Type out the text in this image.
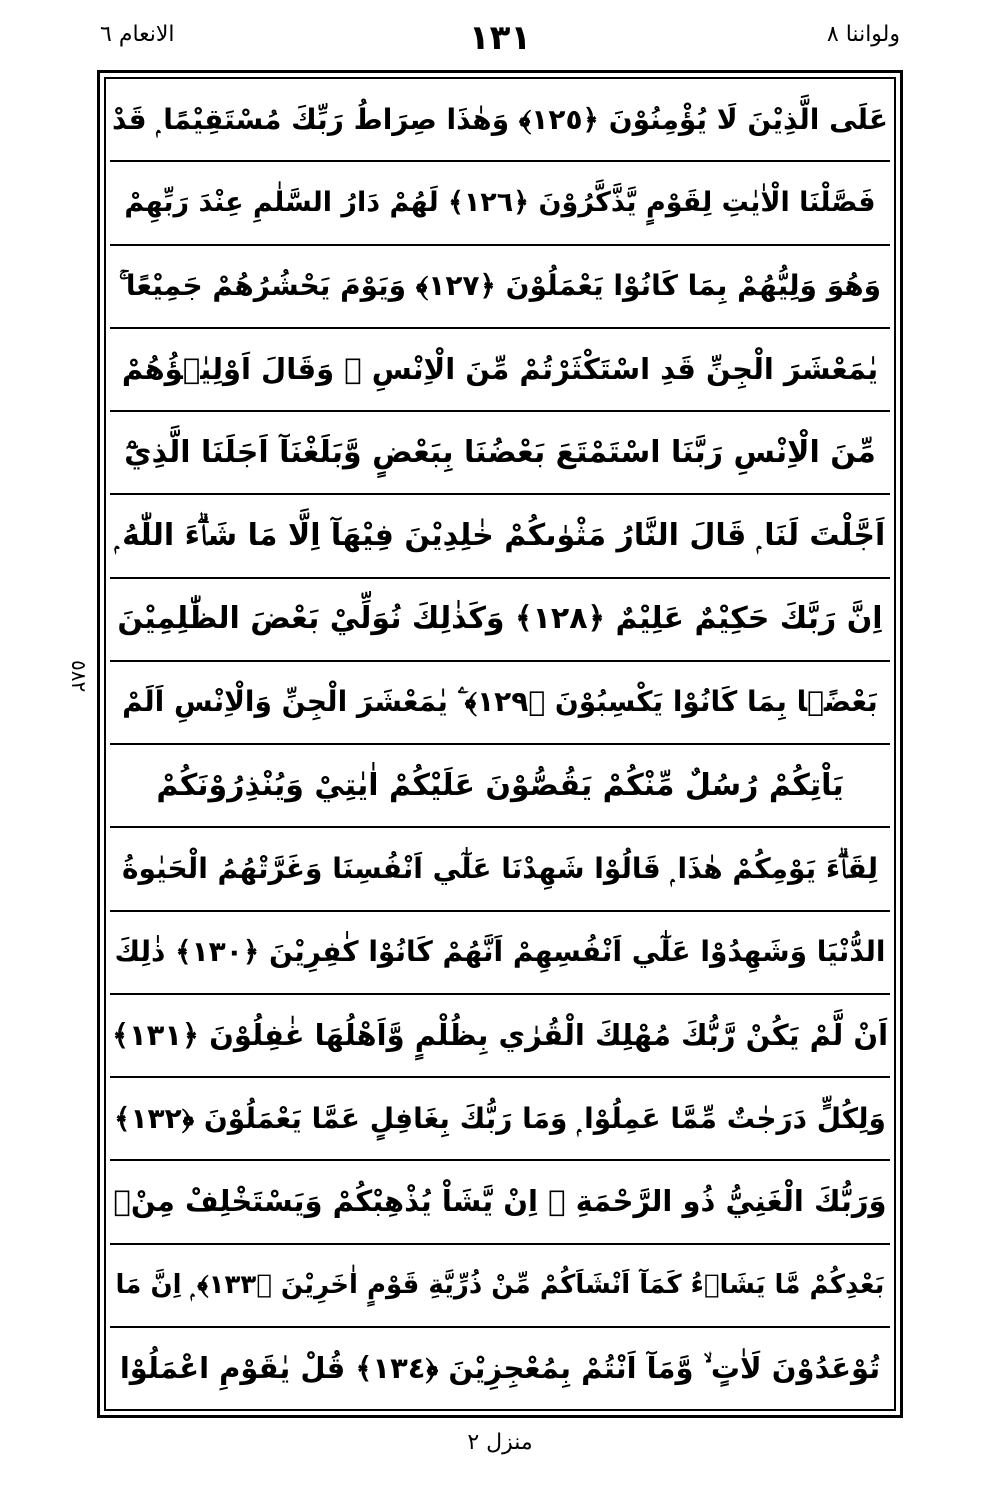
ولواننا ٨
١٣١
الانعام ٦
٥٨٢
عَلَى الَّذِيْنَ لَا يُؤْمِنُوْنَ ﴿١٢٥﴾ وَهٰذَا صِرَاطُ رَبِّكَ مُسْتَقِيْمًا ۭ قَدْ
فَصَّلْنَا الْاٰيٰتِ لِقَوْمٍ يَّذَّكَّرُوْنَ ﴿١٢٦﴾ لَهُمْ دَارُ السَّلٰمِ عِنْدَ رَبِّهِمْ
وَهُوَ وَلِيُّهُمْ بِمَا كَانُوْا يَعْمَلُوْنَ ﴿١٢٧﴾ وَيَوْمَ يَحْشُرُهُمْ جَمِيْعًا ۚ
يٰمَعْشَرَ الْجِنِّ قَدِ اسْتَكْثَرْتُمْ مِّنَ الْاِنْسِ ۚ وَقَالَ اَوْلِيٰۗؤُهُمْ
مِّنَ الْاِنْسِ رَبَّنَا اسْتَمْتَعَ بَعْضُنَا بِبَعْضٍ وَّبَلَغْنَآ اَجَلَنَا الَّذِيْٓ
اَجَّلْتَ لَنَا ۭ قَالَ النَّارُ مَثْوٰىكُمْ خٰلِدِيْنَ فِيْهَآ اِلَّا مَا شَاۗءَ اللّٰهُ ۭ
اِنَّ رَبَّكَ حَكِيْمٌ عَلِيْمٌ ﴿١٢٨﴾ وَكَذٰلِكَ نُوَلِّيْ بَعْضَ الظّٰلِمِيْنَ
بَعْضًۢا بِمَا كَانُوْا يَكْسِبُوْنَ ﴿١٢٩﴾ ۧ يٰمَعْشَرَ الْجِنِّ وَالْاِنْسِ اَلَمْ
يَاْتِكُمْ رُسُلٌ مِّنْكُمْ يَقُصُّوْنَ عَلَيْكُمْ اٰيٰتِيْ وَيُنْذِرُوْنَكُمْ
لِقَاۗءَ يَوْمِكُمْ هٰذَا ۭ قَالُوْا شَهِدْنَا عَلٰٓي اَنْفُسِنَا وَغَرَّتْهُمُ الْحَيٰوةُ
الدُّنْيَا وَشَهِدُوْا عَلٰٓي اَنْفُسِهِمْ اَنَّهُمْ كَانُوْا كٰفِرِيْنَ ﴿١٣٠﴾ ذٰلِكَ
اَنْ لَّمْ يَكُنْ رَّبُّكَ مُهْلِكَ الْقُرٰي بِظُلْمٍ وَّاَهْلُهَا غٰفِلُوْنَ ﴿١٣١﴾
وَلِكُلٍّ دَرَجٰتٌ مِّمَّا عَمِلُوْا ۭ وَمَا رَبُّكَ بِغَافِلٍ عَمَّا يَعْمَلُوْنَ ﴿١٣٢﴾
وَرَبُّكَ الْغَنِيُّ ذُو الرَّحْمَةِ ۭ اِنْ يَّشَاْ يُذْهِبْكُمْ وَيَسْتَخْلِفْ مِنْۢ
بَعْدِكُمْ مَّا يَشَاۗءُ كَمَآ اَنْشَاَكُمْ مِّنْ ذُرِّيَّةِ قَوْمٍ اٰخَرِيْنَ ﴿١٣٣﴾ ۭ اِنَّ مَا
تُوْعَدُوْنَ لَاٰتٍ ۙ وَّمَآ اَنْتُمْ بِمُعْجِزِيْنَ ﴿١٣٤﴾ قُلْ يٰقَوْمِ اعْمَلُوْا
منزل ٢
